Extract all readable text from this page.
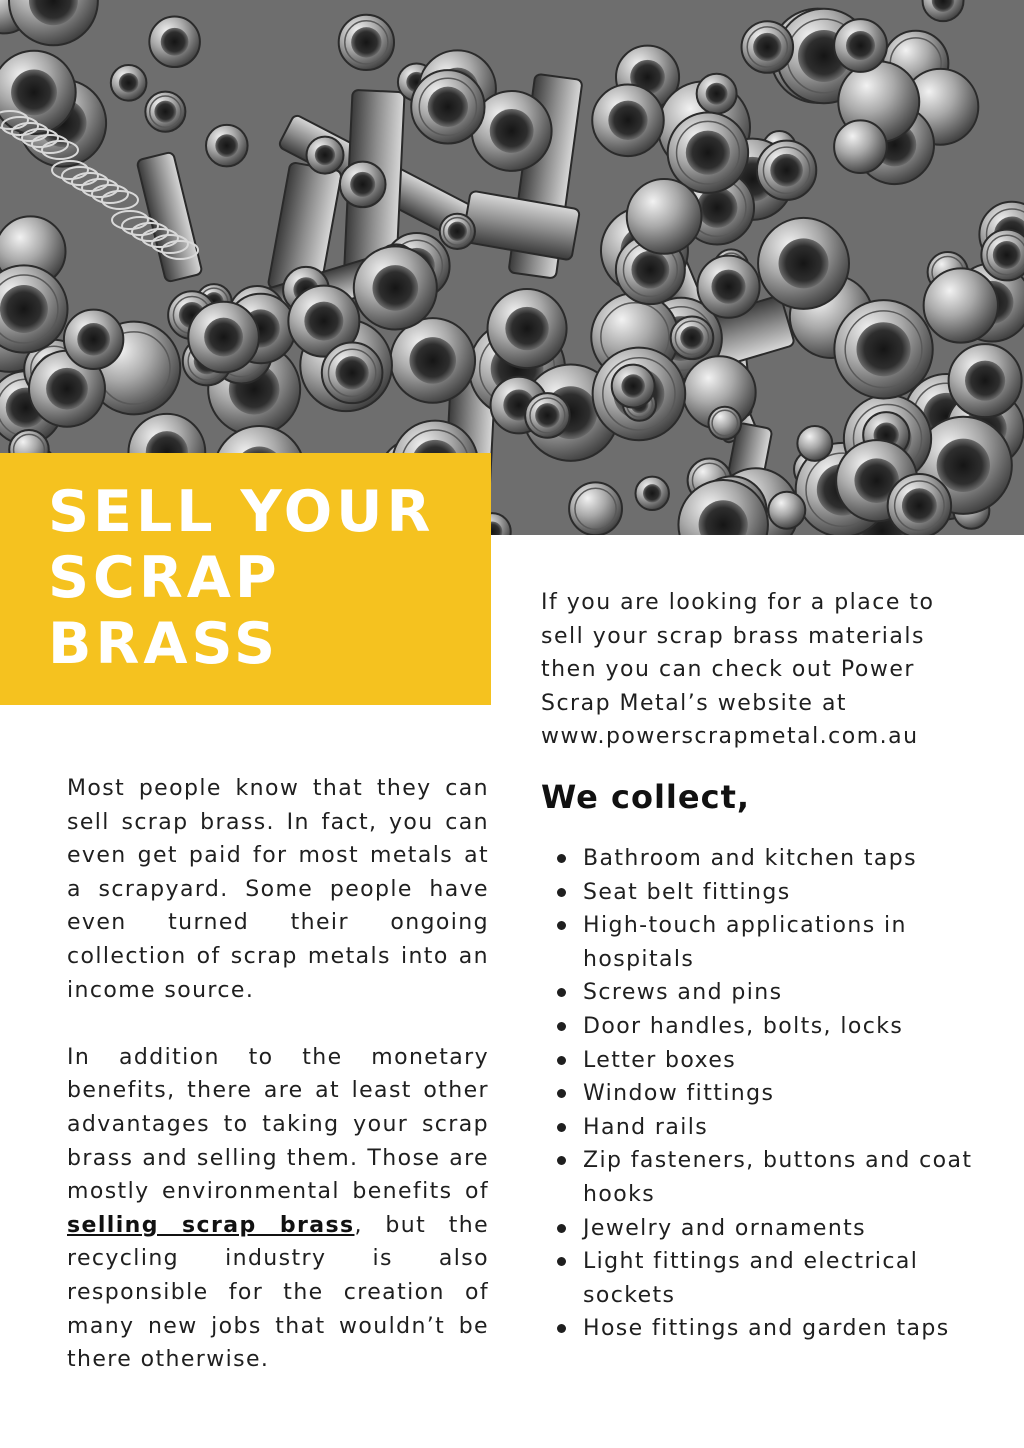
SELL YOUR
SCRAP
BRASS

If you are looking for a place to sell your scrap brass materials then you can check out Power Scrap Metal’s website at www.powerscrapmetal.com.au

Most people know that they can sell scrap brass. In fact, you can even get paid for most metals at a scrapyard. Some people have even turned their ongoing collection of scrap metals into an income source.

In addition to the monetary benefits, there are at least other advantages to taking your scrap brass and selling them. Those are mostly environmental benefits of selling scrap brass, but the recycling industry is also responsible for the creation of many new jobs that wouldn’t be there otherwise.

We collect,
Bathroom and kitchen taps
Seat belt fittings
High-touch applications in hospitals
Screws and pins
Door handles, bolts, locks
Letter boxes
Window fittings
Hand rails
Zip fasteners, buttons and coat hooks
Jewelry and ornaments
Light fittings and electrical sockets
Hose fittings and garden taps
